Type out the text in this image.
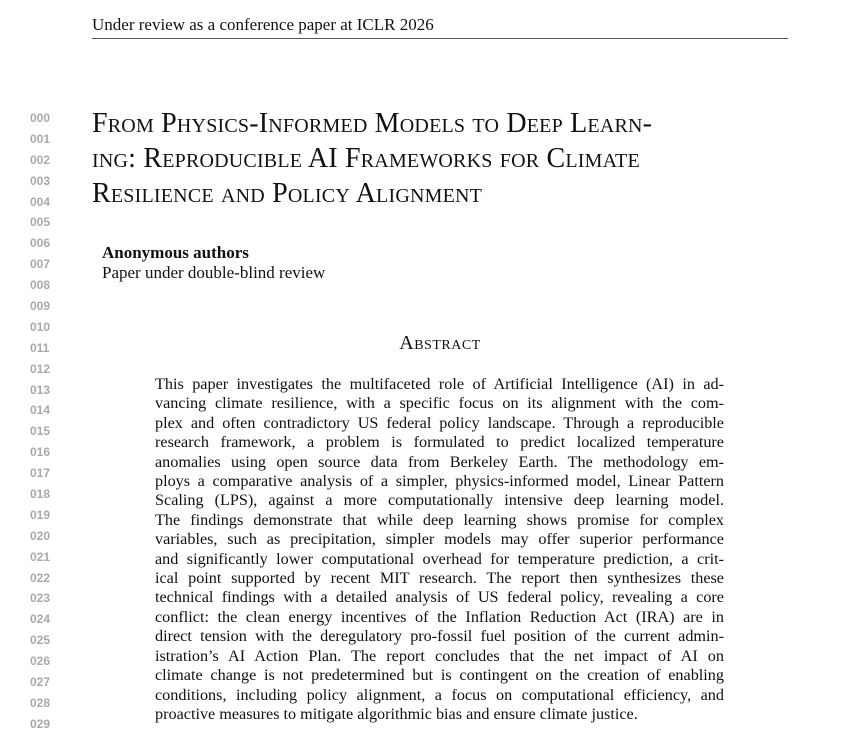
Under review as a conference paper at ICLR 2026
000
001
002
003
004
005
006
007
008
009
010
011
012
013
014
015
016
017
018
019
020
021
022
023
024
025
026
027
028
029
From Physics-Informed Models to Deep Learn-
ing: Reproducible AI Frameworks for Climate
Resilience and Policy Alignment
Anonymous authors
Paper under double-blind review
Abstract
This paper investigates the multifaceted role of Artificial Intelligence (AI) in ad-
vancing climate resilience, with a specific focus on its alignment with the com-
plex and often contradictory US federal policy landscape. Through a reproducible
research framework, a problem is formulated to predict localized temperature
anomalies using open source data from Berkeley Earth. The methodology em-
ploys a comparative analysis of a simpler, physics-informed model, Linear Pattern
Scaling (LPS), against a more computationally intensive deep learning model.
The findings demonstrate that while deep learning shows promise for complex
variables, such as precipitation, simpler models may offer superior performance
and significantly lower computational overhead for temperature prediction, a crit-
ical point supported by recent MIT research. The report then synthesizes these
technical findings with a detailed analysis of US federal policy, revealing a core
conflict: the clean energy incentives of the Inflation Reduction Act (IRA) are in
direct tension with the deregulatory pro-fossil fuel position of the current admin-
istration’s AI Action Plan. The report concludes that the net impact of AI on
climate change is not predetermined but is contingent on the creation of enabling
conditions, including policy alignment, a focus on computational efficiency, and
proactive measures to mitigate algorithmic bias and ensure climate justice.
